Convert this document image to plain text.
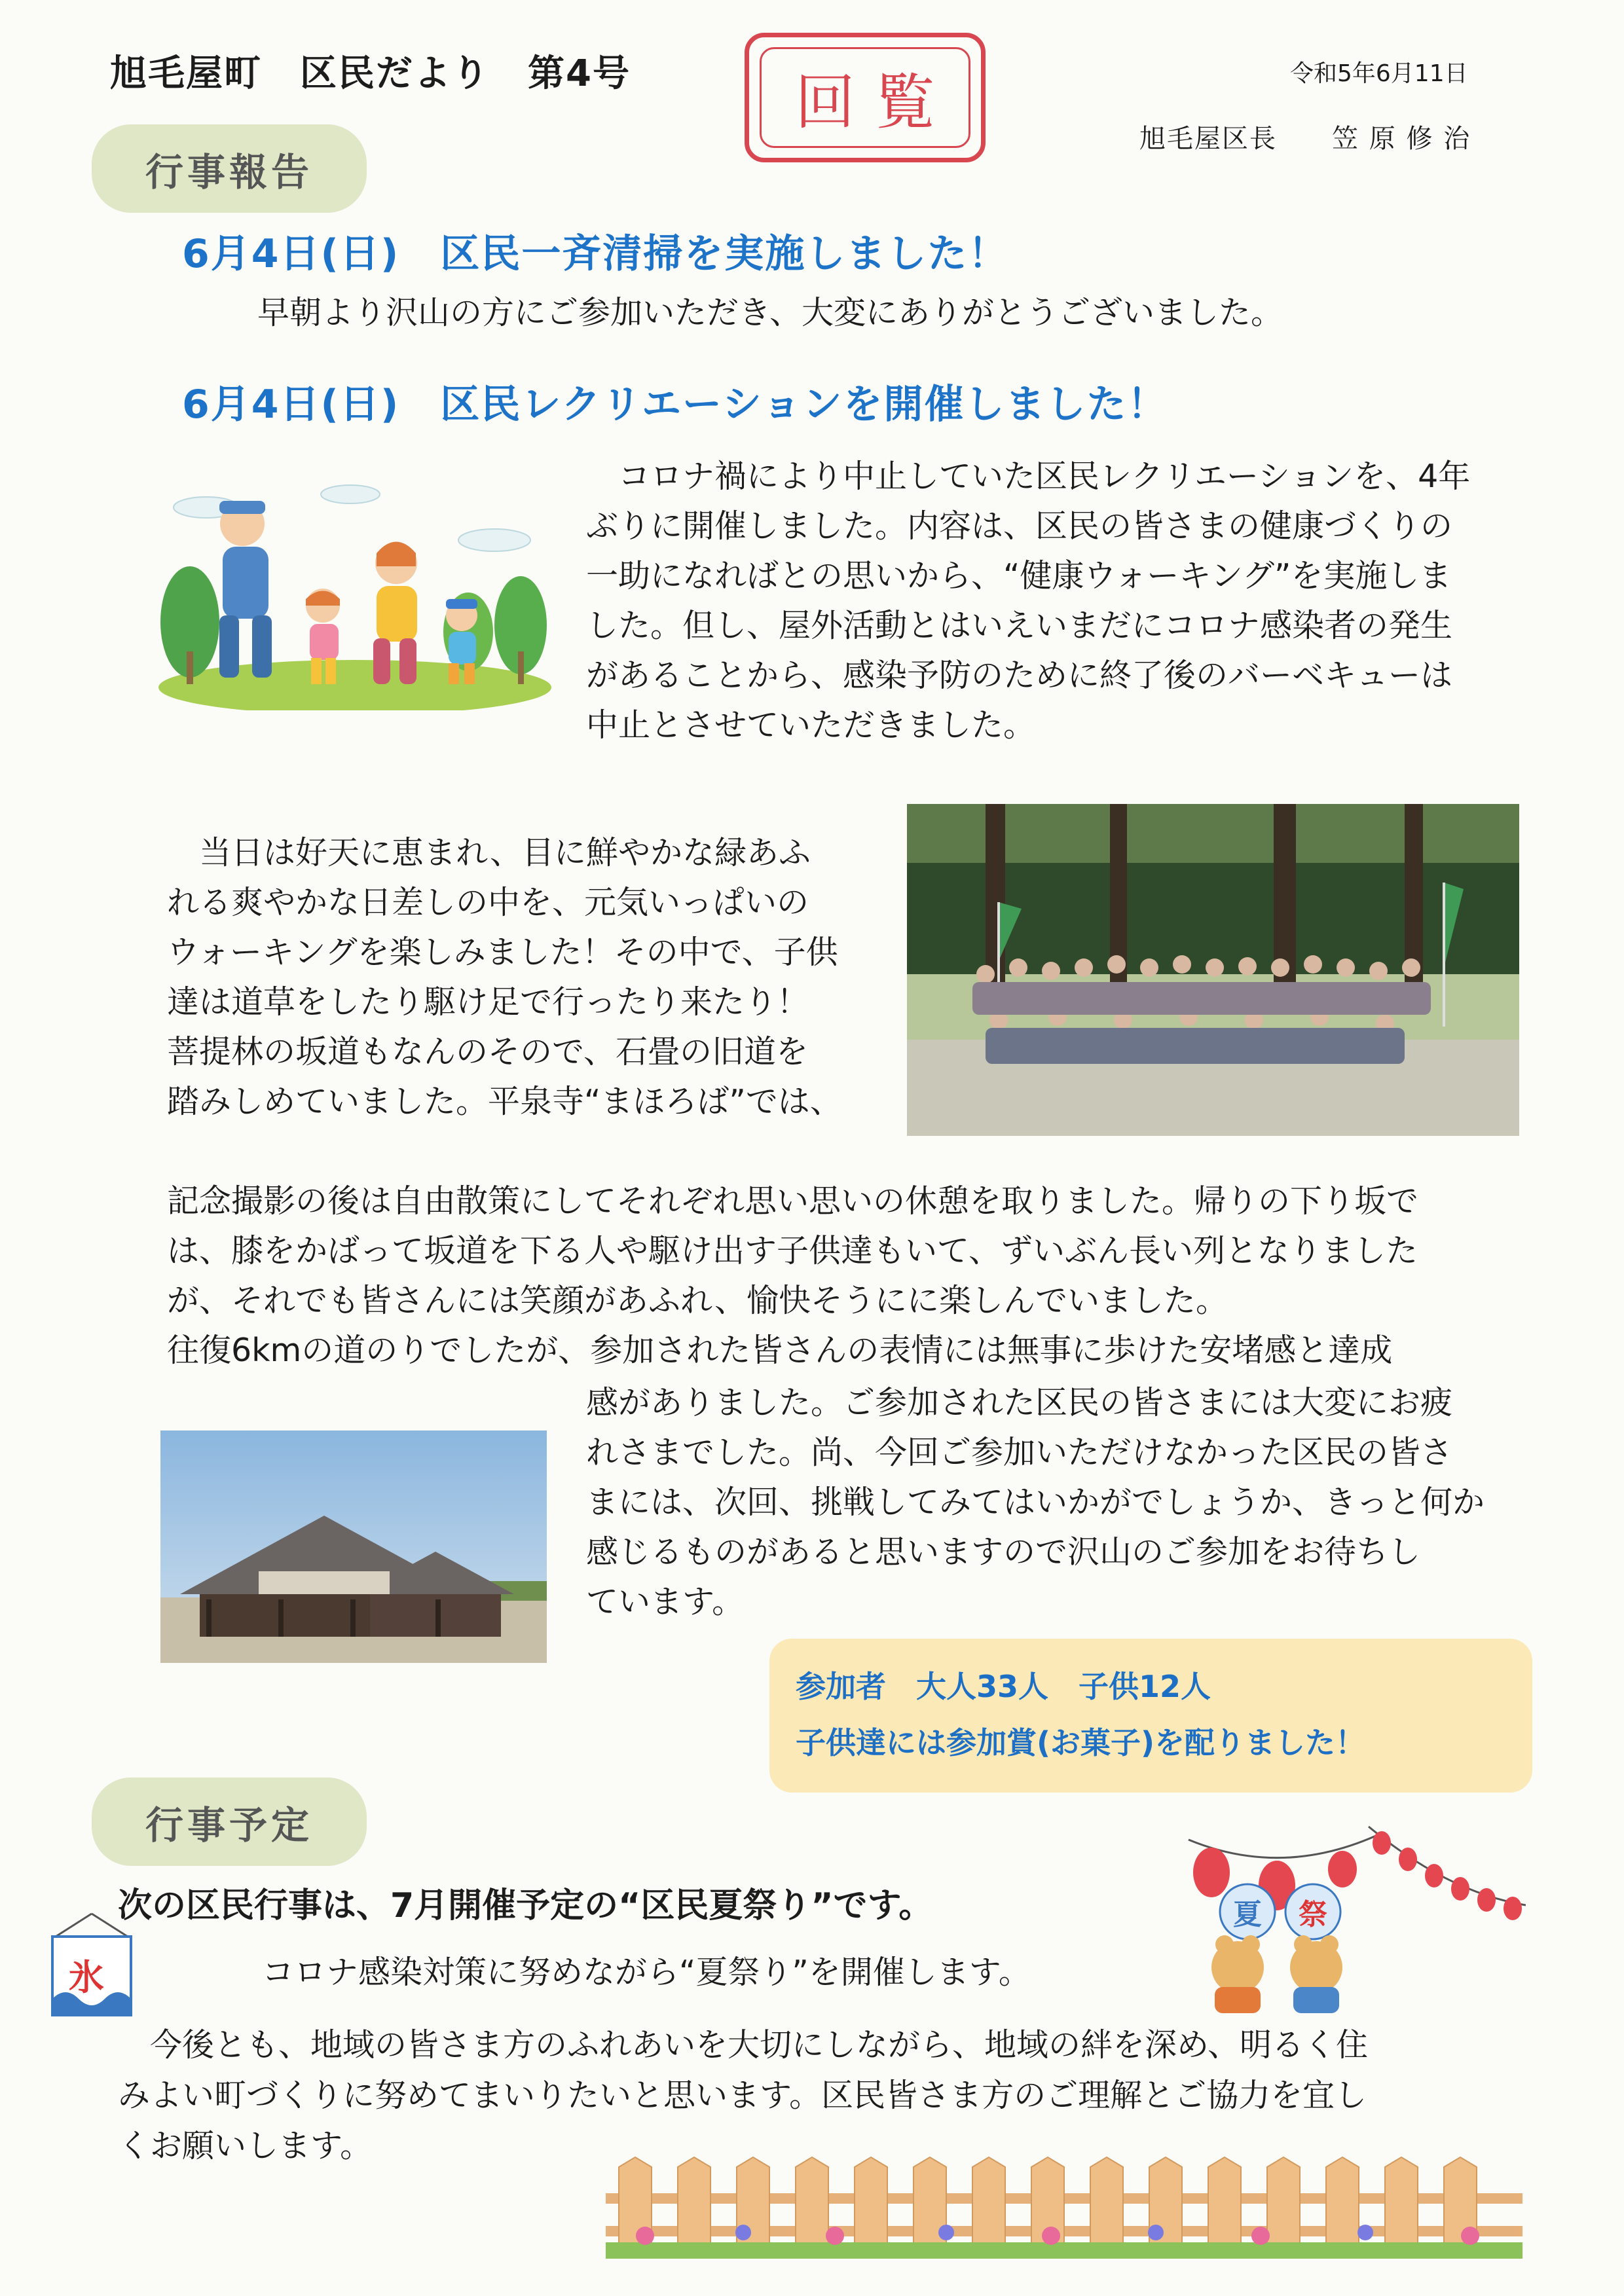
旭毛屋町　区民だより　第4号	回覧	令和5年6月11日
旭毛屋区長　　笠 原 修 治
行事報告
6月4日(日)　区民一斉清掃を実施しました！
早朝より沢山の方にご参加いただき、大変にありがとうございました。
6月4日(日)　区民レクリエーションを開催しました！
　コロナ禍により中止していた区民レクリエーションを、4年
ぶりに開催しました。内容は、区民の皆さまの健康づくりの
一助になればとの思いから、“健康ウォーキング”を実施しま
した。但し、屋外活動とはいえいまだにコロナ感染者の発生
があることから、感染予防のために終了後のバーベキューは
中止とさせていただきました。
　当日は好天に恵まれ、目に鮮やかな緑あふ
れる爽やかな日差しの中を、元気いっぱいの
ウォーキングを楽しみました！その中で、子供
達は道草をしたり駆け足で行ったり来たり！
菩提林の坂道もなんのそので、石畳の旧道を
踏みしめていました。平泉寺“まほろば”では、
記念撮影の後は自由散策にしてそれぞれ思い思いの休憩を取りました。帰りの下り坂で
は、膝をかばって坂道を下る人や駆け出す子供達もいて、ずいぶん長い列となりました
が、それでも皆さんには笑顔があふれ、愉快そうにに楽しんでいました。
往復6kmの道のりでしたが、参加された皆さんの表情には無事に歩けた安堵感と達成
感がありました。ご参加された区民の皆さまには大変にお疲
れさまでした。尚、今回ご参加いただけなかった区民の皆さ
まには、次回、挑戦してみてはいかがでしょうか、きっと何か
感じるものがあると思いますので沢山のご参加をお待ちし
ています。
参加者　大人33人　子供12人
子供達には参加賞(お菓子)を配りました！
行事予定
次の区民行事は、7月開催予定の“区民夏祭り”です。
氷	コロナ感染対策に努めながら“夏祭り”を開催します。
夏 祭
　今後とも、地域の皆さま方のふれあいを大切にしながら、地域の絆を深め、明るく住
みよい町づくりに努めてまいりたいと思います。区民皆さま方のご理解とご協力を宜し
くお願いします。
